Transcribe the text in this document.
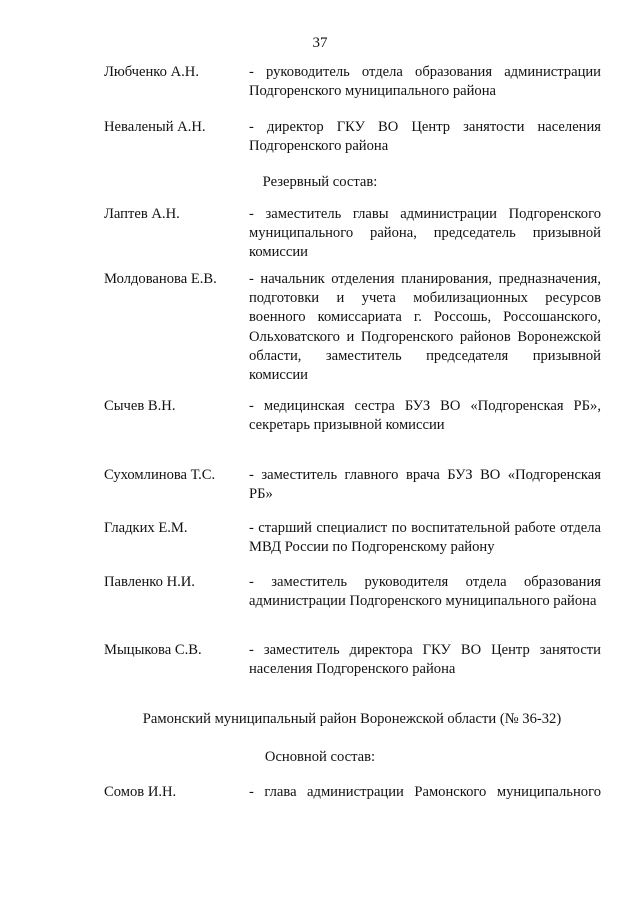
37
Любченко А.Н.	- руководитель отдела образования администрации Подгоренского муниципального района
Неваленый А.Н.	- директор ГКУ ВО Центр занятости населения Подгоренского района
Резервный состав:
Лаптев А.Н.	- заместитель главы администрации Подгоренского муниципального района, председатель призывной комиссии
Молдованова Е.В.	- начальник отделения планирования, предназначения, подготовки и учета мобилизационных ресурсов военного комиссариата г. Россошь, Россошанского, Ольховатского и Подгоренского районов Воронежской области, заместитель председателя призывной комиссии
Сычев В.Н.	- медицинская сестра БУЗ ВО «Подгоренская РБ», секретарь призывной комиссии
Сухомлинова Т.С.	- заместитель главного врача БУЗ ВО «Подгоренская РБ»
Гладких Е.М.	- старший специалист по воспитательной работе отдела МВД России по Подгоренскому району
Павленко Н.И.	- заместитель руководителя отдела образования администрации Подгоренского муниципального района
Мыцыкова С.В.	- заместитель директора ГКУ ВО Центр занятости населения Подгоренского района
Рамонский муниципальный район Воронежской области (№ 36-32)
Основной состав:
Сомов И.Н.	- глава администрации Рамонского муниципального
